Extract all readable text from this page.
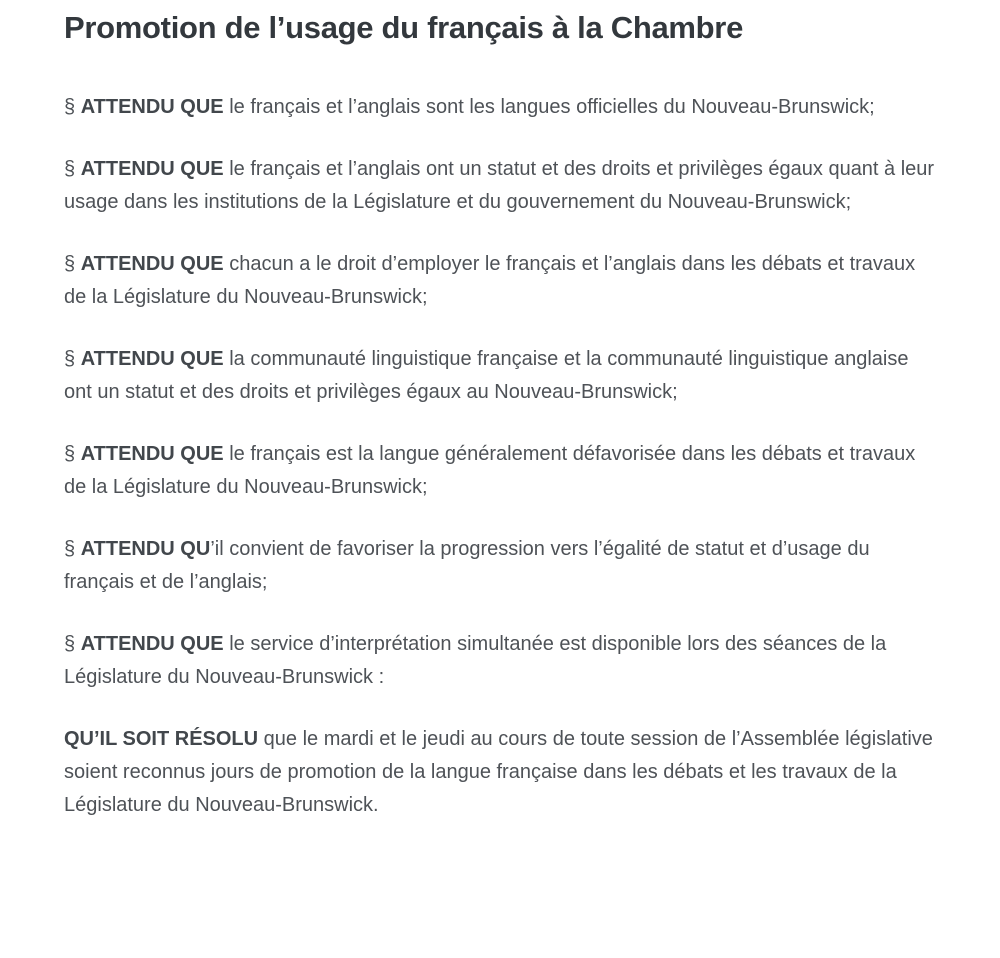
Promotion de l’usage du français à la Chambre

§ ATTENDU QUE le français et l’anglais sont les langues officielles du Nouveau-Brunswick;

§ ATTENDU QUE le français et l’anglais ont un statut et des droits et privilèges égaux quant à leur usage dans les institutions de la Législature et du gouvernement du Nouveau-Brunswick;

§ ATTENDU QUE chacun a le droit d’employer le français et l’anglais dans les débats et travaux de la Législature du Nouveau-Brunswick;

§ ATTENDU QUE la communauté linguistique française et la communauté linguistique anglaise ont un statut et des droits et privilèges égaux au Nouveau-Brunswick;

§ ATTENDU QUE le français est la langue généralement défavorisée dans les débats et travaux de la Législature du Nouveau-Brunswick;

§ ATTENDU QU’il convient de favoriser la progression vers l’égalité de statut et d’usage du français et de l’anglais;

§ ATTENDU QUE le service d’interprétation simultanée est disponible lors des séances de la Législature du Nouveau-Brunswick :

QU’IL SOIT RÉSOLU que le mardi et le jeudi au cours de toute session de l’Assemblée législative soient reconnus jours de promotion de la langue française dans les débats et les travaux de la Législature du Nouveau-Brunswick.
